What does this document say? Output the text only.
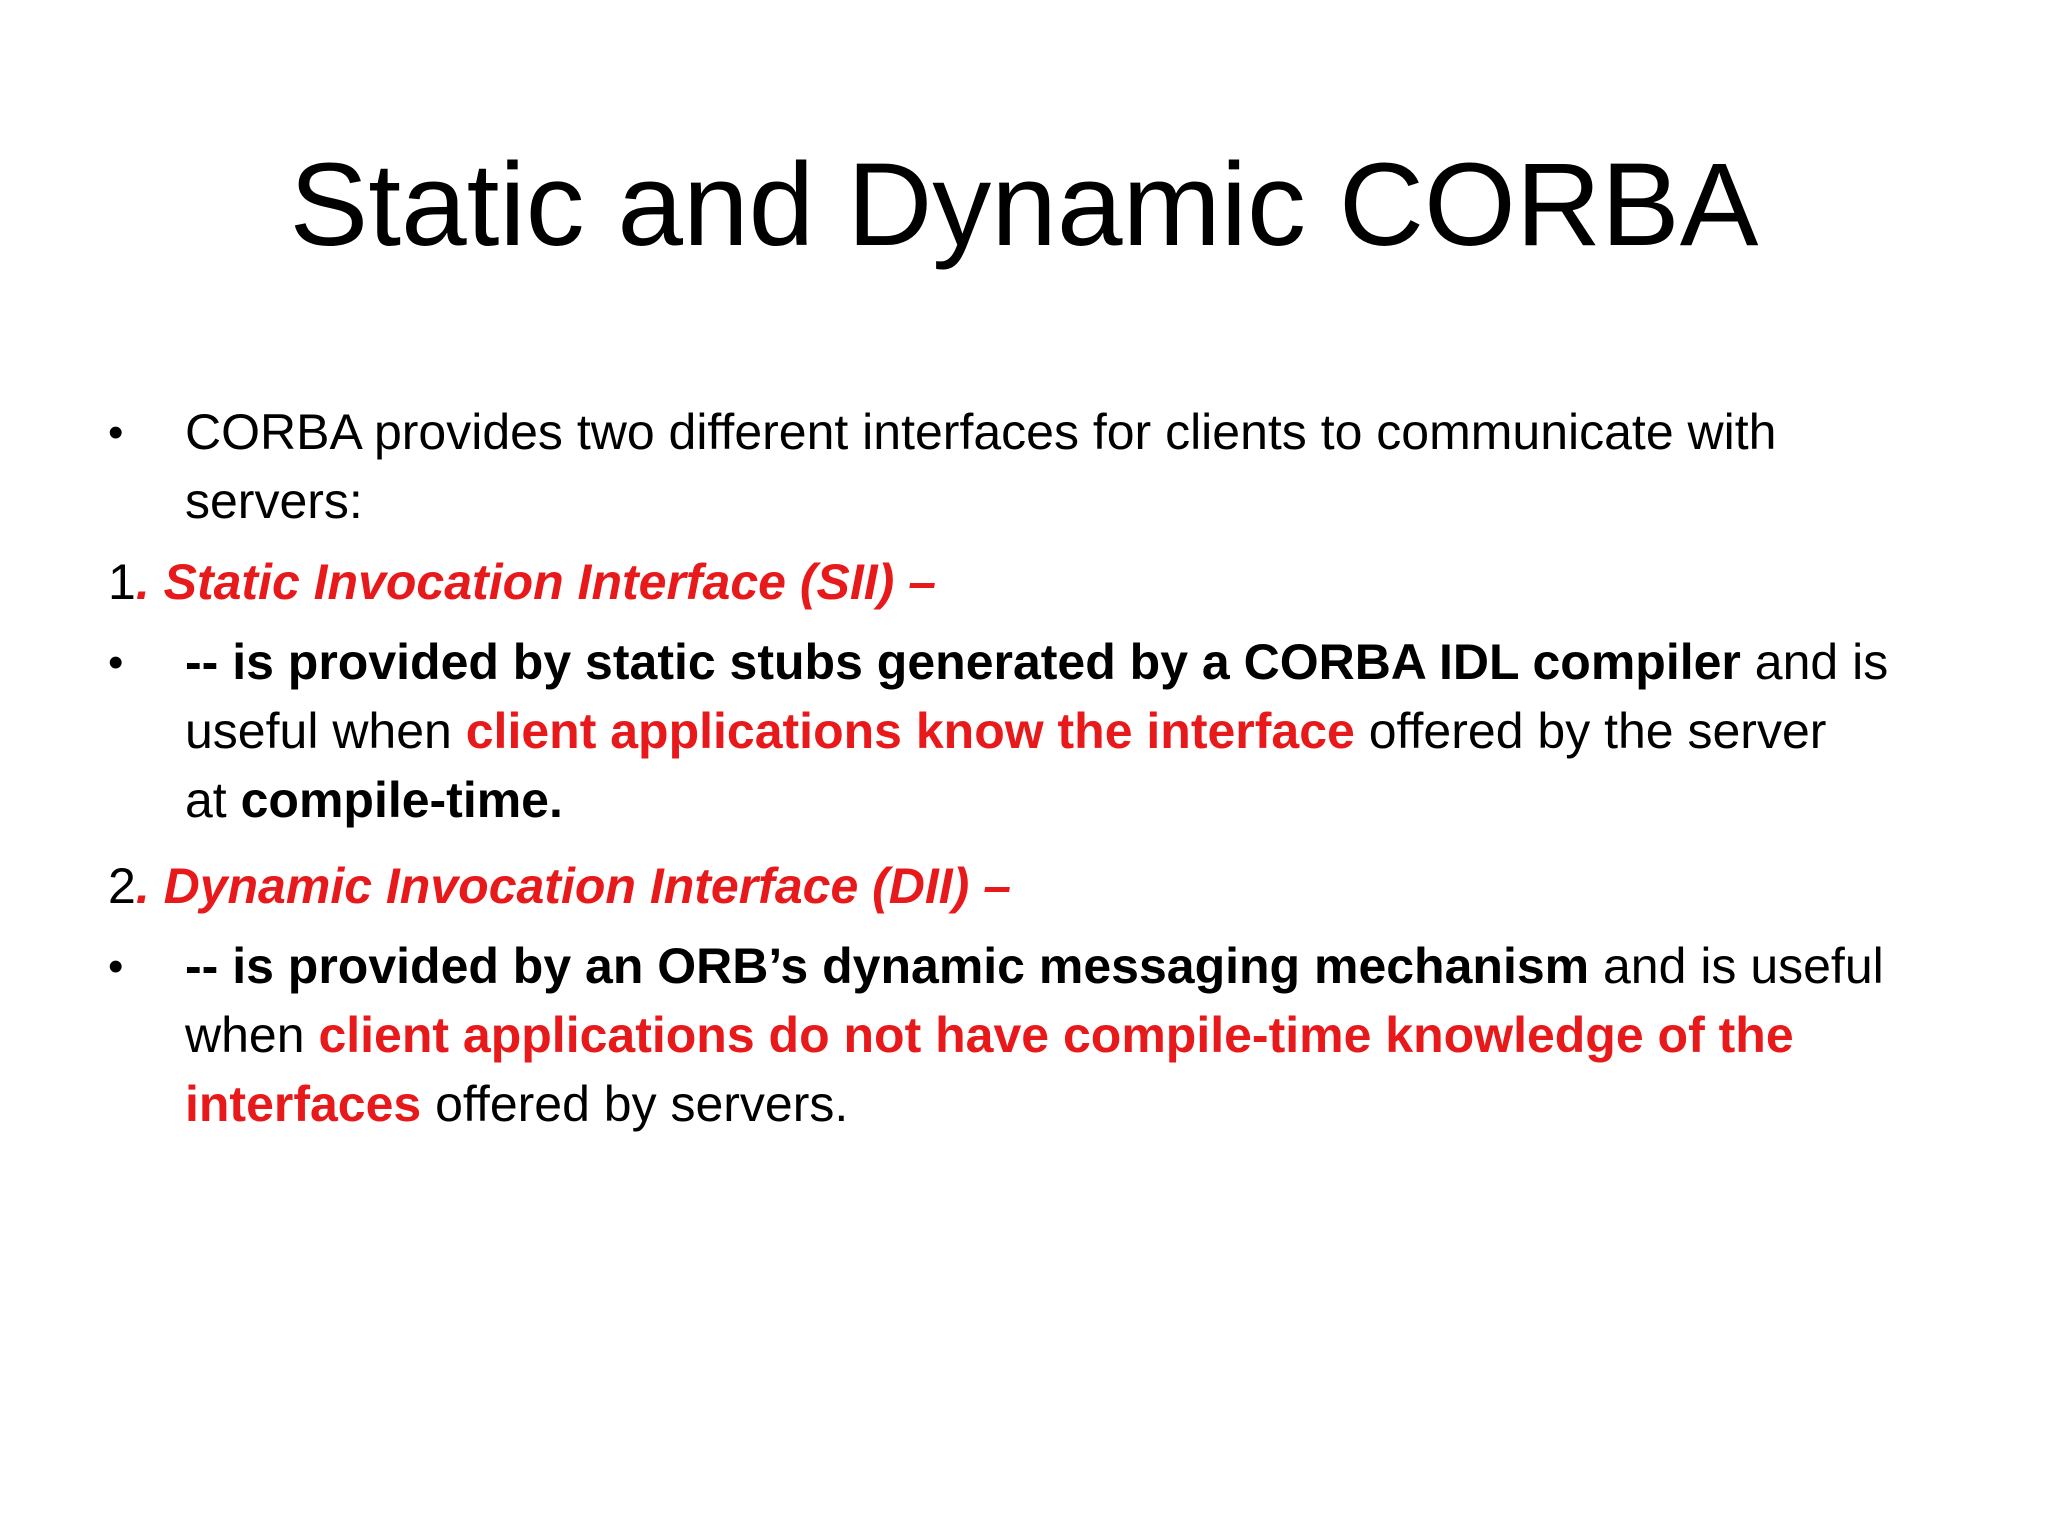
Static and Dynamic CORBA
•	CORBA provides two different interfaces for clients to communicate with
servers:
1. Static Invocation Interface (SII) –
•	-- is provided by static stubs generated by a CORBA IDL compiler and is
useful when client applications know the interface offered by the server
at compile-time.
2. Dynamic Invocation Interface (DII) –
•	-- is provided by an ORB’s dynamic messaging mechanism and is useful
when client applications do not have compile-time knowledge of the
interfaces offered by servers.
